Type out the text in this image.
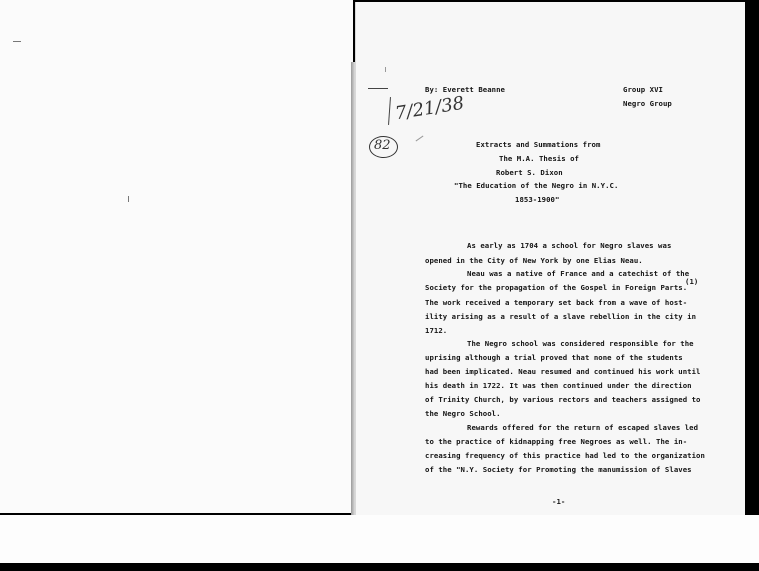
By: Everett Beanne	Group XVI
Negro Group
7/21/38
82	Extracts and Summations from
The M.A. Thesis of
Robert S. Dixon
"The Education of the Negro in N.Y.C.
1853-1900"
As early as 1704 a school for Negro slaves was
opened in the City of New York by one Elias Neau.
Neau was a native of France and a catechist of the
(1)
Society for the propagation of the Gospel in Foreign Parts.
The work received a temporary set back from a wave of host-
ility arising as a result of a slave rebellion in the city in
1712.
The Negro school was considered responsible for the
uprising although a trial proved that none of the students
had been implicated. Neau resumed and continued his work until
his death in 1722. It was then continued under the direction
of Trinity Church, by various rectors and teachers assigned to
the Negro School.
Rewards offered for the return of escaped slaves led
to the practice of kidnapping free Negroes as well. The in-
creasing frequency of this practice had led to the organization
of the "N.Y. Society for Promoting the manumission of Slaves
-1-
